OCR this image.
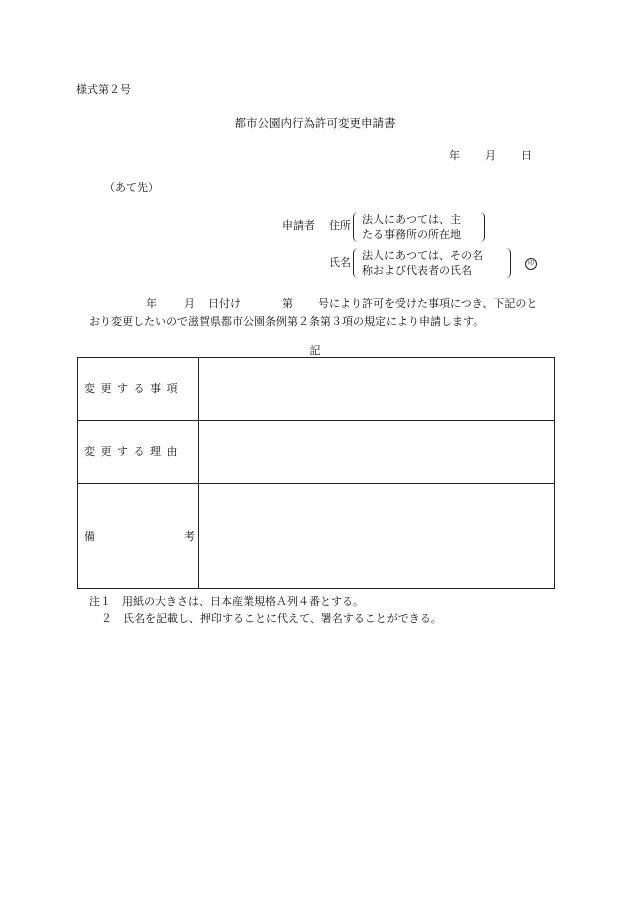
様式第２号
都市公園内行為許可変更申請書
年 月 日
（あて先）
申請者 住所 法人にあつては、主
たる事務所の所在地
氏名
法人にあつては、その名
称および代表者の氏名
印
年 月 日付け	第 号により許可を受けた事項につき、下記のと
おり変更したいので滋賀県都市公園条例第２条第３項の規定により申請します。
記
変 更 す る 事 項
変 更 す る 理 由
備	考
注１　用紙の大きさは、日本産業規格Ａ列４番とする。
２　氏名を記載し、押印することに代えて、署名することができる。
